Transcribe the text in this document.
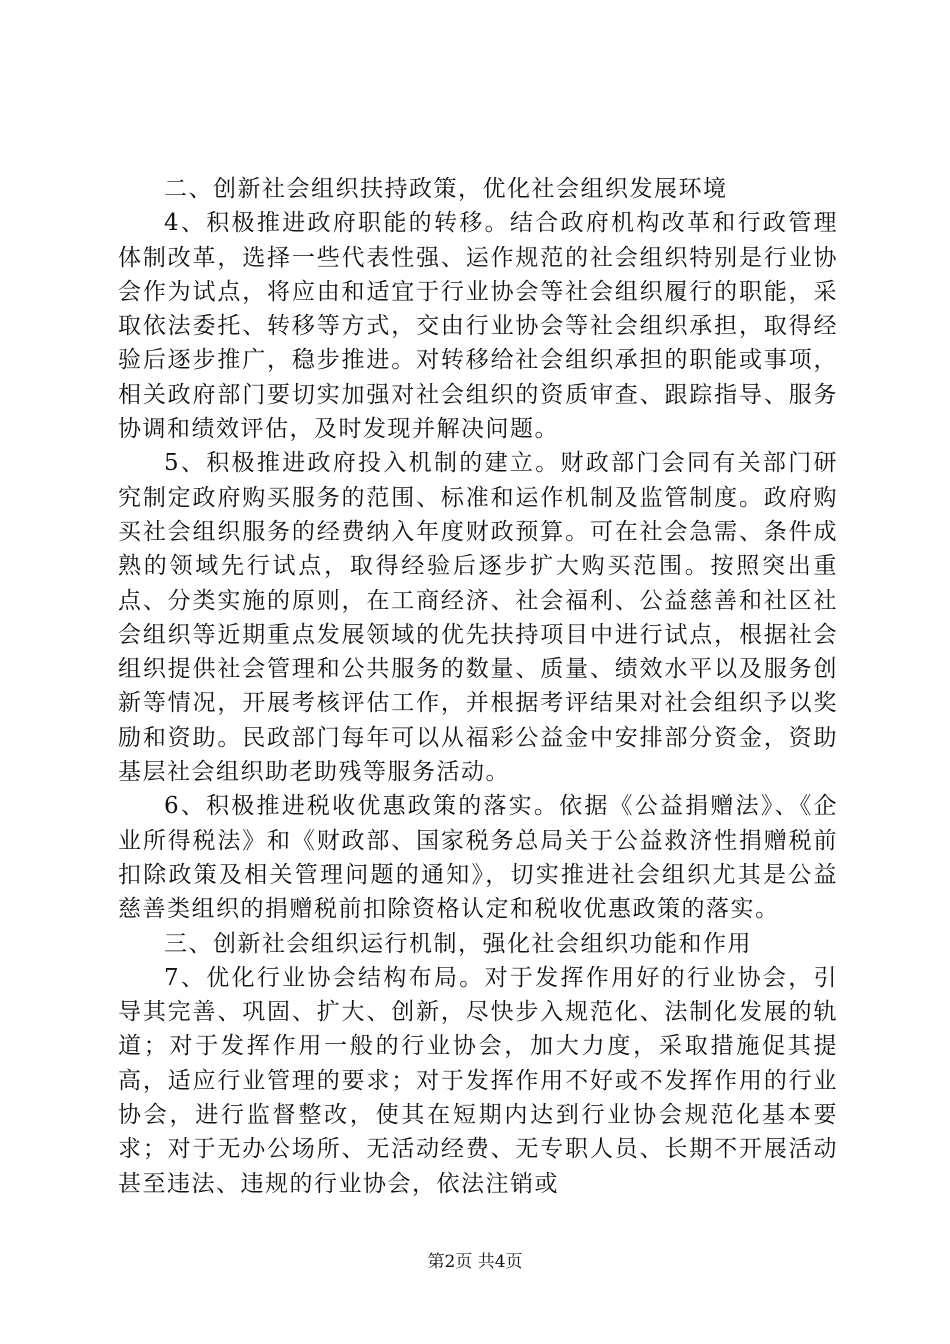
二、创新社会组织扶持政策，优化社会组织发展环境

4、积极推进政府职能的转移。结合政府机构改革和行政管理体制改革，选择一些代表性强、运作规范的社会组织特别是行业协会作为试点，将应由和适宜于行业协会等社会组织履行的职能，采取依法委托、转移等方式，交由行业协会等社会组织承担，取得经验后逐步推广，稳步推进。对转移给社会组织承担的职能或事项，相关政府部门要切实加强对社会组织的资质审查、跟踪指导、服务协调和绩效评估，及时发现并解决问题。

5、积极推进政府投入机制的建立。财政部门会同有关部门研究制定政府购买服务的范围、标准和运作机制及监管制度。政府购买社会组织服务的经费纳入年度财政预算。可在社会急需、条件成熟的领域先行试点，取得经验后逐步扩大购买范围。按照突出重点、分类实施的原则，在工商经济、社会福利、公益慈善和社区社会组织等近期重点发展领域的优先扶持项目中进行试点，根据社会组织提供社会管理和公共服务的数量、质量、绩效水平以及服务创新等情况，开展考核评估工作，并根据考评结果对社会组织予以奖励和资助。民政部门每年可以从福彩公益金中安排部分资金，资助基层社会组织助老助残等服务活动。

6、积极推进税收优惠政策的落实。依据《公益捐赠法》、《企业所得税法》和《财政部、国家税务总局关于公益救济性捐赠税前扣除政策及相关管理问题的通知》，切实推进社会组织尤其是公益慈善类组织的捐赠税前扣除资格认定和税收优惠政策的落实。

三、创新社会组织运行机制，强化社会组织功能和作用

7、优化行业协会结构布局。对于发挥作用好的行业协会，引导其完善、巩固、扩大、创新，尽快步入规范化、法制化发展的轨道；对于发挥作用一般的行业协会，加大力度，采取措施促其提高，适应行业管理的要求；对于发挥作用不好或不发挥作用的行业协会，进行监督整改，使其在短期内达到行业协会规范化基本要求；对于无办公场所、无活动经费、无专职人员、长期不开展活动甚至违法、违规的行业协会，依法注销或

第2页 共4页
